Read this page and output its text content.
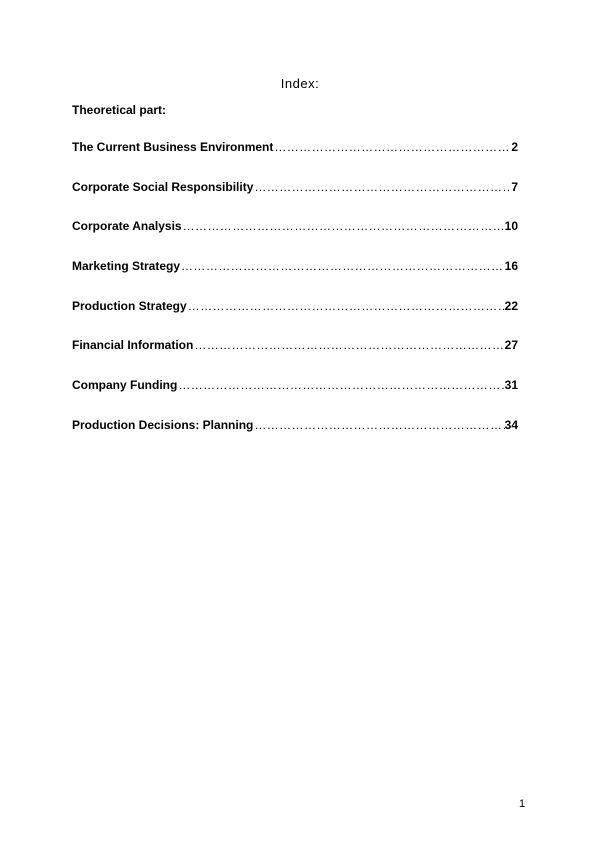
Index:
Theoretical part:
The Current Business Environment …………………………………………………………………………………………………………	2
Corporate Social Responsibility …………………………………………………………………………………………………………	7
Corporate Analysis …………………………………………………………………………………………………………	10
Marketing Strategy …………………………………………………………………………………………………………	16
Production Strategy …………………………………………………………………………………………………………	22
Financial Information …………………………………………………………………………………………………………	27
Company Funding …………………………………………………………………………………………………………	31
Production Decisions: Planning …………………………………………………………………………………………………………	34
1
